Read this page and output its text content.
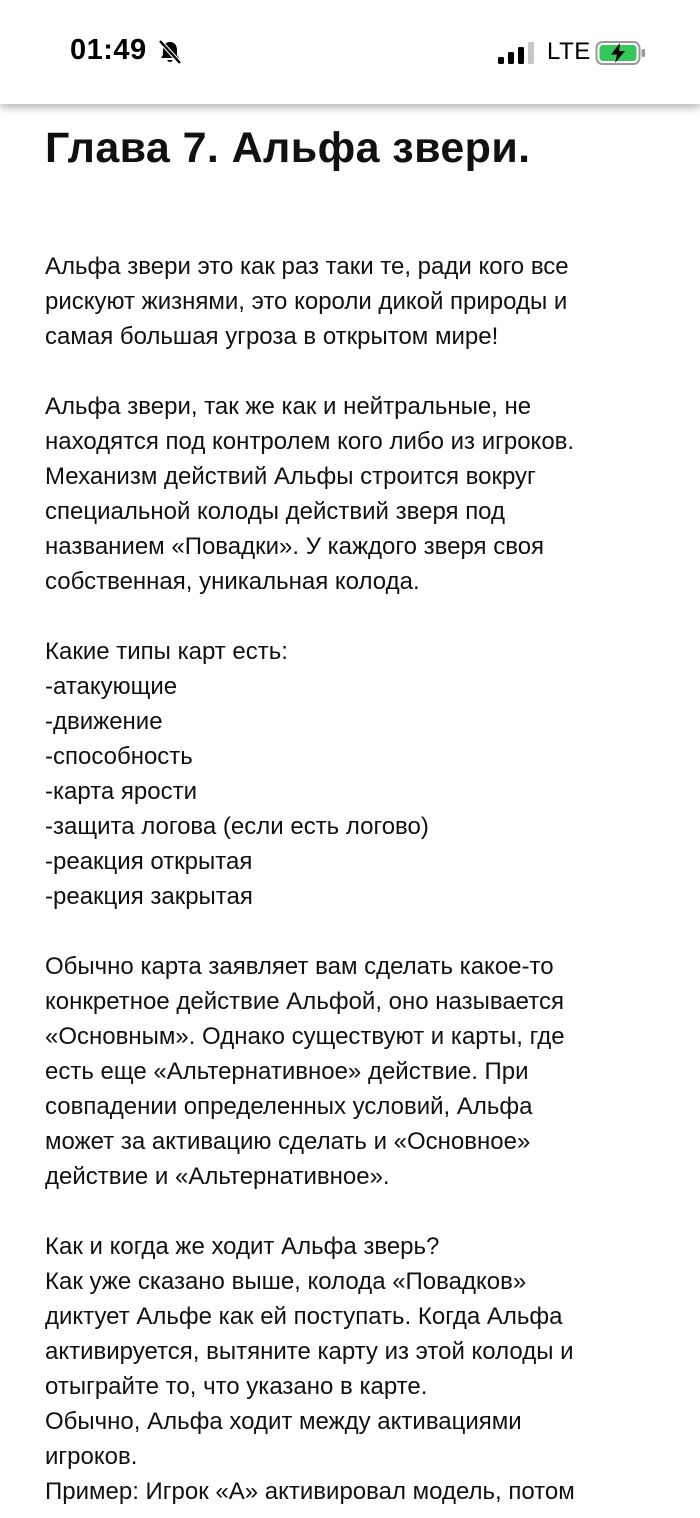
01:49	LTE
Глава 7. Альфа звери.
Альфа звери это как раз таки те, ради кого все
рискуют жизнями, это короли дикой природы и
самая большая угроза в открытом мире!
Альфа звери, так же как и нейтральные, не
находятся под контролем кого либо из игроков.
Механизм действий Альфы строится вокруг
специальной колоды действий зверя под
названием «Повадки». У каждого зверя своя
собственная, уникальная колода.
Какие типы карт есть:
-атакующие
-движение
-способность
-карта ярости
-защита логова (если есть логово)
-реакция открытая
-реакция закрытая
Обычно карта заявляет вам сделать какое-то
конкретное действие Альфой, оно называется
«Основным». Однако существуют и карты, где
есть еще «Альтернативное» действие. При
совпадении определенных условий, Альфа
может за активацию сделать и «Основное»
действие и «Альтернативное».
Как и когда же ходит Альфа зверь?
Как уже сказано выше, колода «Повадков»
диктует Альфе как ей поступать. Когда Альфа
активируется, вытяните карту из этой колоды и
отыграйте то, что указано в карте.
Обычно, Альфа ходит между активациями
игроков.
Пример: Игрок «А» активировал модель, потом
